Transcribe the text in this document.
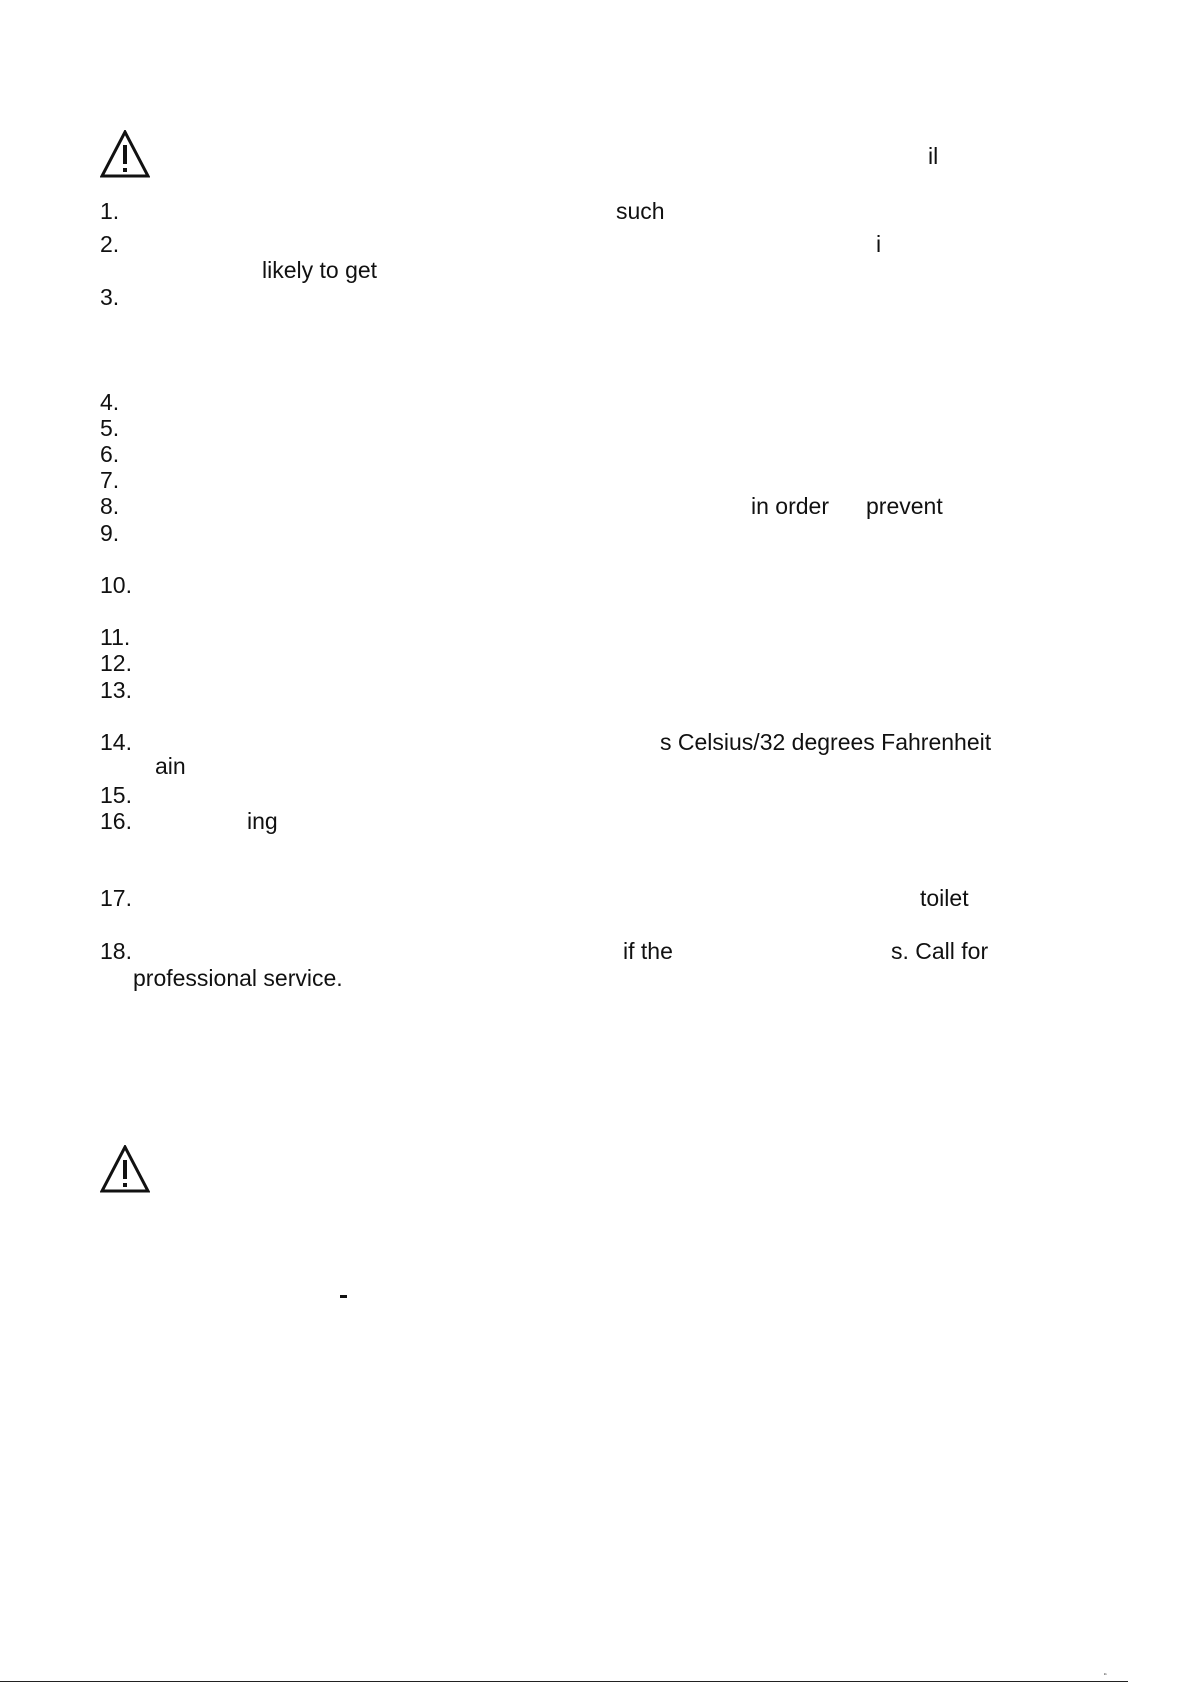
il
1.
2.
3.
4.
5.
6.
7.
8.
9.
10.
11.
12.
13.
14.
15.
16.
17.
18.
such
i
likely to get
in order prevent
s Celsius/32 degrees Fahrenheit
ain
ing
toilet
if the	s. Call for
professional service.
“
